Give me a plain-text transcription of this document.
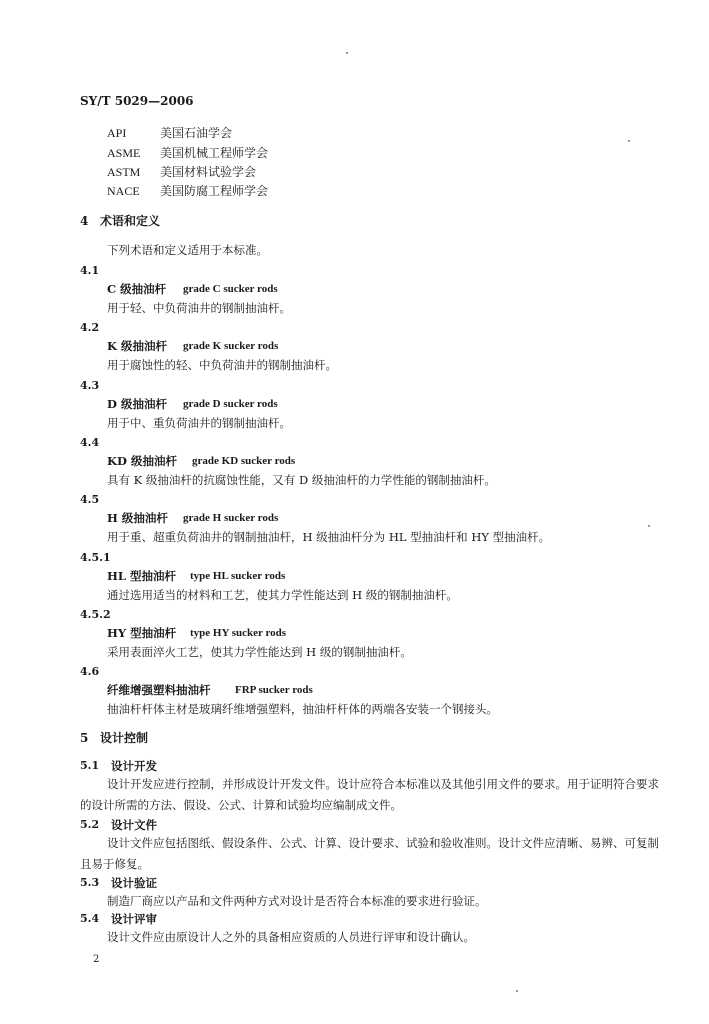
SY/T 5029—2006
API	美国石油学会
ASME	美国机械工程师学会
ASTM	美国材料试验学会
NACE	美国防腐工程师学会
4 术语和定义
下列术语和定义适用于本标准。
4.1
C 级抽油杆 grade C sucker rods
用于轻、中负荷油井的钢制抽油杆。
4.2
K 级抽油杆 grade K sucker rods
用于腐蚀性的轻、中负荷油井的钢制抽油杆。
4.3
D 级抽油杆 grade D sucker rods
用于中、重负荷油井的钢制抽油杆。
4.4
KD 级抽油杆 grade KD sucker rods
具有 K 级抽油杆的抗腐蚀性能，又有 D 级抽油杆的力学性能的钢制抽油杆。
4.5
H 级抽油杆 grade H sucker rods
用于重、超重负荷油井的钢制抽油杆，H 级抽油杆分为 HL 型抽油杆和 HY 型抽油杆。
4.5.1
HL 型抽油杆 type HL sucker rods
通过选用适当的材料和工艺，使其力学性能达到 H 级的钢制抽油杆。
4.5.2
HY 型抽油杆 type HY sucker rods
采用表面淬火工艺，使其力学性能达到 H 级的钢制抽油杆。
4.6
纤维增强塑料抽油杆 FRP sucker rods
抽油杆杆体主材是玻璃纤维增强塑料，抽油杆杆体的两端各安装一个钢接头。
5 设计控制
5.1 设计开发
设计开发应进行控制，并形成设计开发文件。设计应符合本标准以及其他引用文件的要求。用于证明符合要求的设计所需的方法、假设、公式、计算和试验均应编制成文件。
5.2 设计文件
设计文件应包括图纸、假设条件、公式、计算、设计要求、试验和验收准则。设计文件应清晰、易辨、可复制且易于修复。
5.3 设计验证
制造厂商应以产品和文件两种方式对设计是否符合本标准的要求进行验证。
5.4 设计评审
设计文件应由原设计人之外的具备相应资质的人员进行评审和设计确认。
2
